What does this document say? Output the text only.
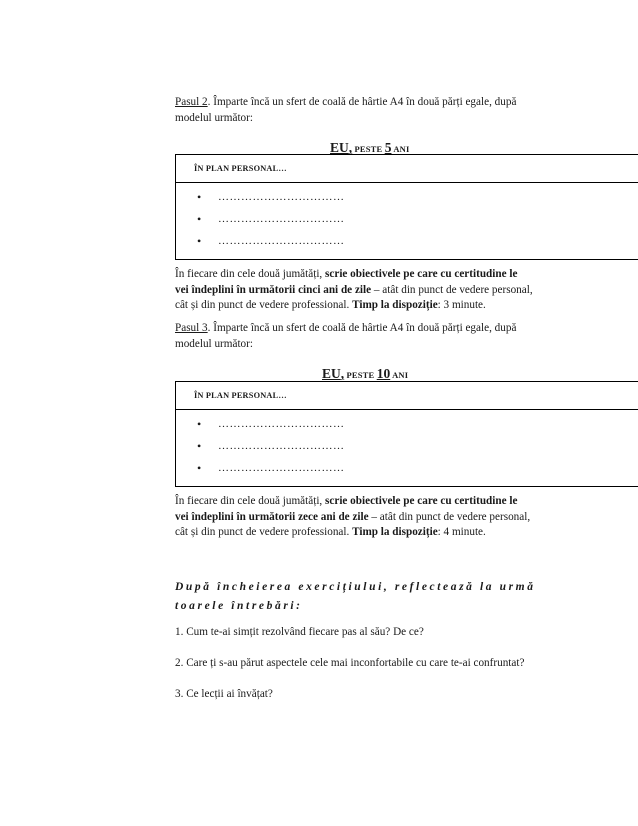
Pasul 2. Împarte încă un sfert de coală de hârtie A4 în două părți egale, după
modelul următor:
EU, PESTE 5 ANI
ÎN PLAN PERSONAL…
• ……………………………
• ……………………………
• ……………………………
În fiecare din cele două jumătăți, scrie obiectivele pe care cu certitudine le
vei îndeplini în următorii cinci ani de zile – atât din punct de vedere personal,
cât și din punct de vedere professional. Timp la dispoziție: 3 minute.
Pasul 3. Împarte încă un sfert de coală de hârtie A4 în două părți egale, după
modelul următor:
EU, PESTE 10 ANI
ÎN PLAN PERSONAL…
• ……………………………
• ……………………………
• ……………………………
În fiecare din cele două jumătăți, scrie obiectivele pe care cu certitudine le
vei îndeplini în următorii zece ani de zile – atât din punct de vedere personal,
cât și din punct de vedere professional. Timp la dispoziție: 4 minute.
După încheierea exercițiului, reflectează la urmă
toarele întrebări:
1. Cum te-ai simțit rezolvând fiecare pas al său? De ce?
2. Care ți s-au părut aspectele cele mai inconfortabile cu care te-ai confruntat?
3. Ce lecții ai învățat?
